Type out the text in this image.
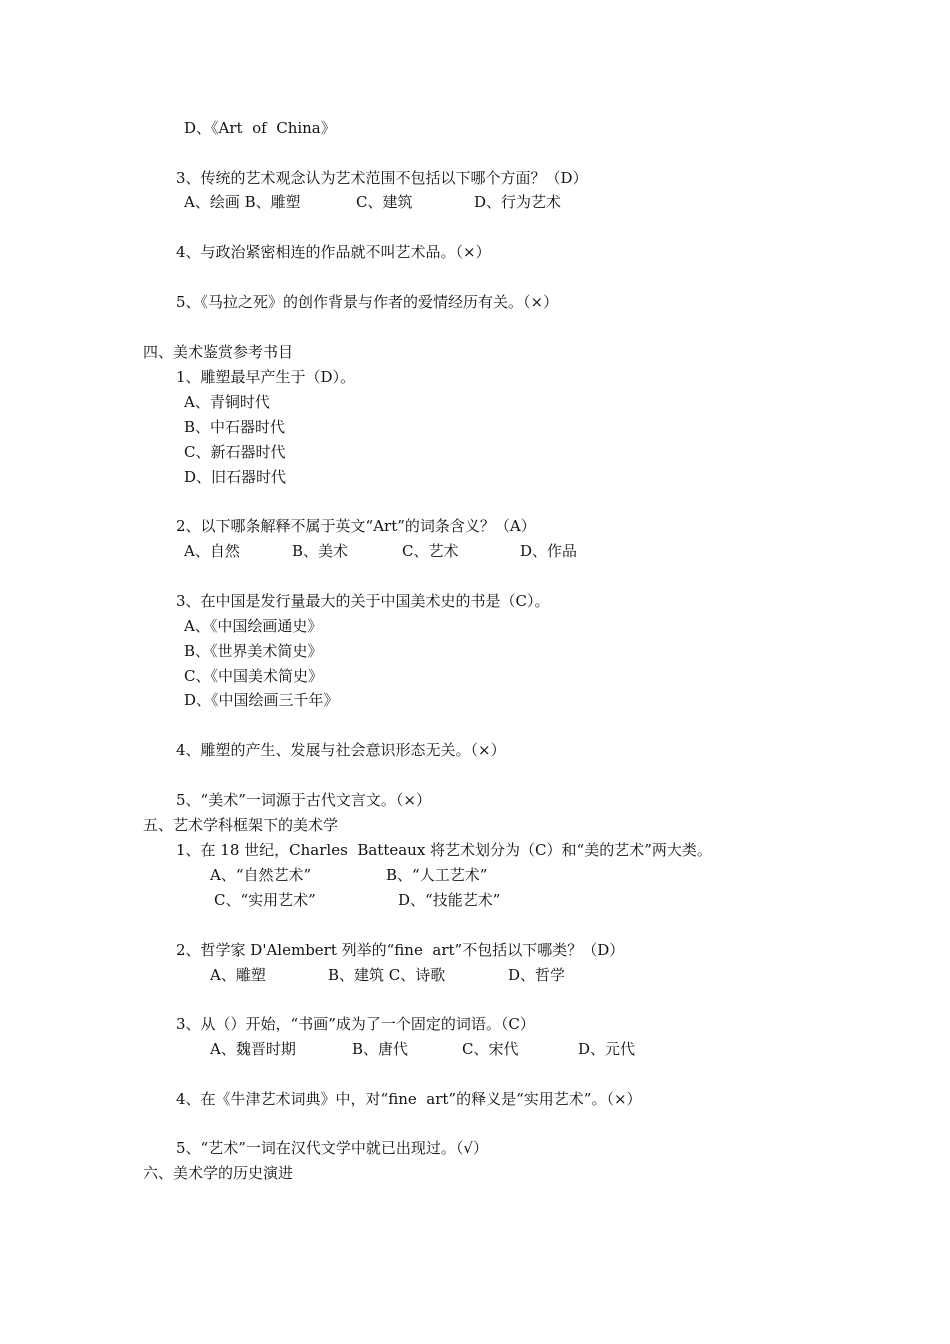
D、《Art  of  China》
3、传统的艺术观念认为艺术范围不包括以下哪个方面？（D）

A、绘画 B、雕塑

	C、建筑

	D、行为艺术

4、与政治紧密相连的作品就不叫艺术品。（×）
5、《马拉之死》的创作背景与作者的爱情经历有关。（×）
四、美术鉴赏参考书目
1、雕塑最早产生于（D）。
A、青铜时代
B、中石器时代
C、新石器时代
D、旧石器时代
2、以下哪条解释不属于英文“Art”的词条含义？（A）

A、自然

	B、美术

	C、艺术

	D、作品

3、在中国是发行量最大的关于中国美术史的书是（C）。
A、《中国绘画通史》
B、《世界美术简史》
C、《中国美术简史》
D、《中国绘画三千年》
4、雕塑的产生、发展与社会意识形态无关。（×）
5、“美术”一词源于古代文言文。（×）
五、艺术学科框架下的美术学
1、在 18 世纪，Charles  Batteaux 将艺术划分为（C）和“美的艺术”两大类。

A、“自然艺术”

	B、“人工艺术”

C、“实用艺术”

	D、“技能艺术”

2、哲学家 D'Alembert 列举的“fine  art”不包括以下哪类？（D）

A、雕塑

	B、建筑 C、诗歌

	D、哲学

3、从（）开始，“书画”成为了一个固定的词语。（C）

A、魏晋时期

	B、唐代

	C、宋代

	D、元代

4、在《牛津艺术词典》中，对“fine  art”的释义是“实用艺术”。（×）
5、“艺术”一词在汉代文学中就已出现过。（√）
六、美术学的历史演进
